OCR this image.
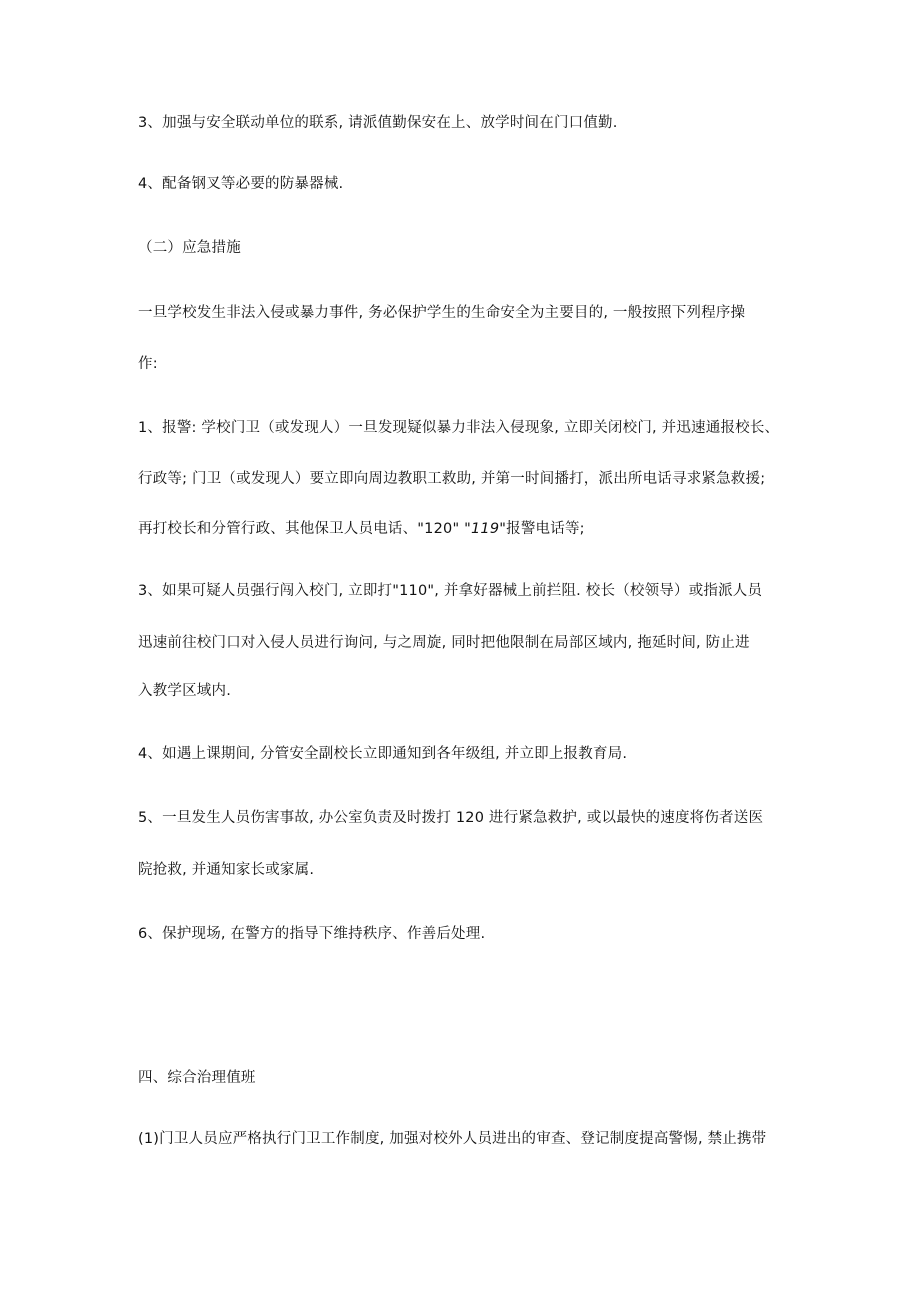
3、加强与安全联动单位的联系, 请派值勤保安在上、放学时间在门口值勤.
4、配备钢叉等必要的防暴器械.
（二）应急措施
一旦学校发生非法入侵或暴力事件, 务必保护学生的生命安全为主要目的, 一般按照下列程序操
作:
1、报警: 学校门卫（或发现人）一旦发现疑似暴力非法入侵现象, 立即关闭校门, 并迅速通报校长、
行政等; 门卫（或发现人）要立即向周边教职工救助, 并第一时间播打，派出所电话寻求紧急救援;
再打校长和分管行政、其他保卫人员电话、"120" "119"报警电话等;
3、如果可疑人员强行闯入校门, 立即打"110", 并拿好器械上前拦阻. 校长（校领导）或指派人员
迅速前往校门口对入侵人员进行询问, 与之周旋, 同时把他限制在局部区域内, 拖延时间, 防止进
入教学区域内.
4、如遇上课期间, 分管安全副校长立即通知到各年级组, 并立即上报教育局.
5、一旦发生人员伤害事故, 办公室负责及时拨打 120 进行紧急救护, 或以最快的速度将伤者送医
院抢救, 并通知家长或家属.
6、保护现场, 在警方的指导下维持秩序、作善后处理.
四、综合治理值班
(1)门卫人员应严格执行门卫工作制度, 加强对校外人员进出的审查、登记制度提高警惕, 禁止携带
